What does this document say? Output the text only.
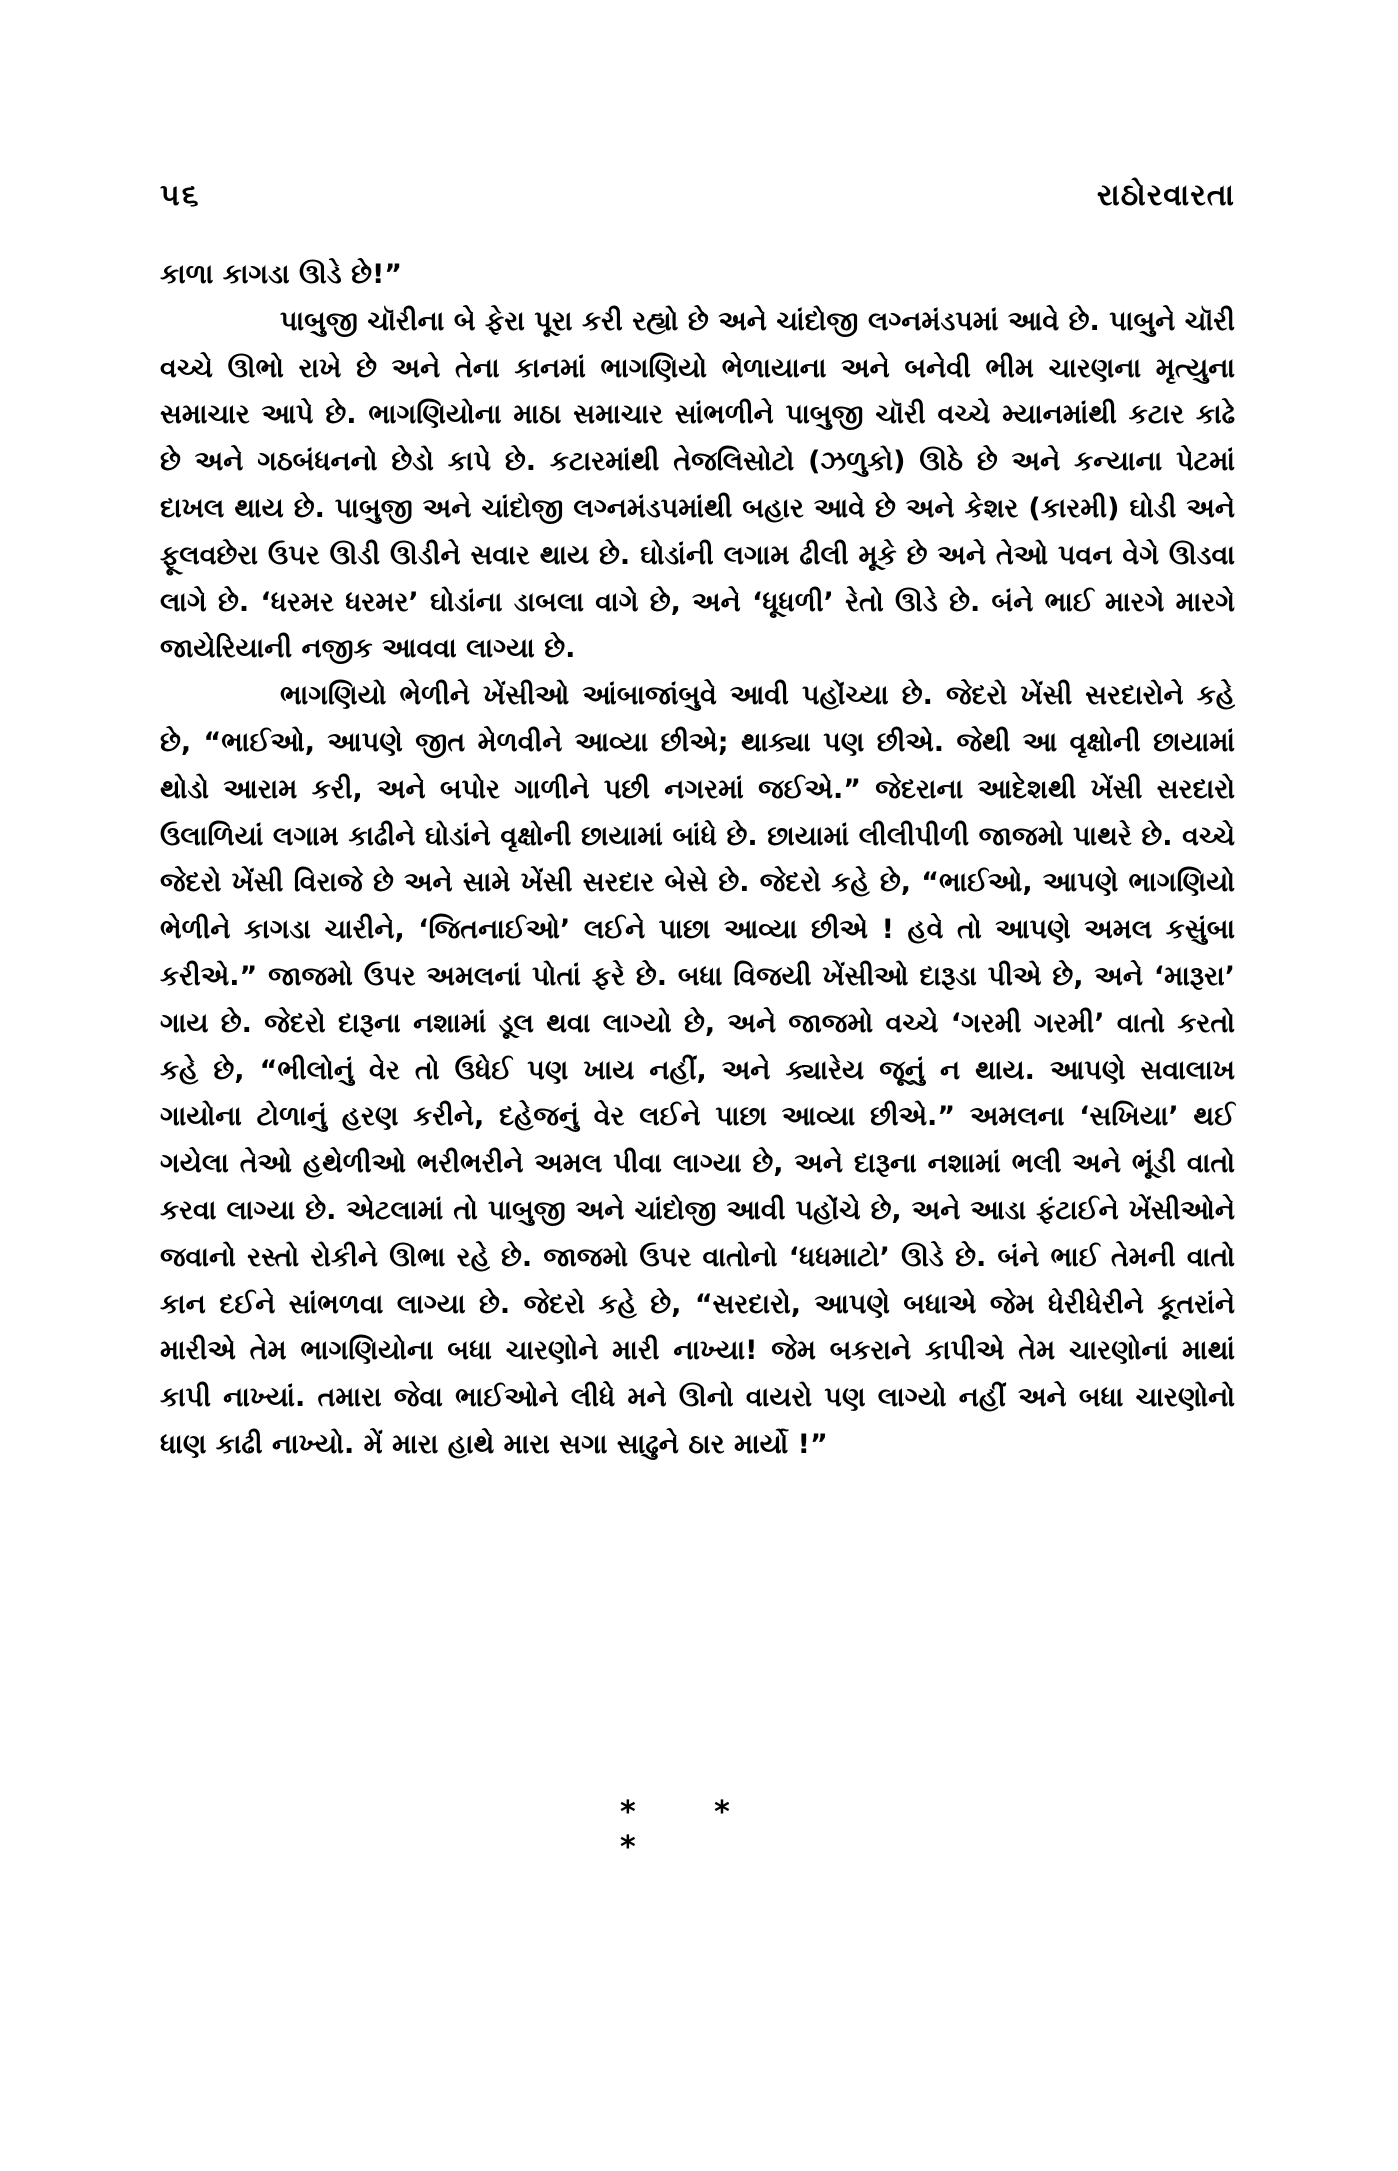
૫૬	રાઠોરવારતા

કાળા કાગડા ઊડે છે!”

પાબુજી ચૉરીના બે ફેરા પૂરા કરી રહ્યો છે અને ચાંદોજી લગ્નમંડપમાં આવે છે. પાબુને ચૉરી વચ્ચે ઊભો રાખે છે અને તેના કાનમાં ભાગણિયો ભેળાયાના અને બનેવી ભીમ ચારણના મૃત્યુના સમાચાર આપે છે. ભાગણિયોના માઠા સમાચાર સાંભળીને પાબુજી ચૉરી વચ્ચે મ્યાનમાંથી કટાર કાઢે છે અને ગઠબંધનનો છેડો કાપે છે. કટારમાંથી તેજલિસોટો (ઝળુકો) ઊઠે છે અને કન્યાના પેટમાં દાખલ થાય છે. પાબુજી અને ચાંદોજી લગ્નમંડપમાંથી બહાર આવે છે અને કેશર (કારમી) ઘોડી અને ફૂલવછેરા ઉપર ઊડી ઊડીને સવાર થાય છે. ઘોડાંની લગામ ઢીલી મૂકે છે અને તેઓ પવન વેગે ઊડવા લાગે છે. ‘ધરમર ધરમર’ ઘોડાંના ડાબલા વાગે છે, અને ‘ધૂધળી’ રેતો ઊડે છે. બંને ભાઈ મારગે મારગે જાયેરિયાની નજીક આવવા લાગ્યા છે.

ભાગણિયો ભેળીને ખેંસીઓ આંબાજાંબુવે આવી પહોંચ્યા છે. જેદરો ખેંસી સરદારોને કહે છે, “ભાઈઓ, આપણે જીત મેળવીને આવ્યા છીએ; થાક્યા પણ છીએ. જેથી આ વૃક્ષોની છાયામાં થોડો આરામ કરી, અને બપોર ગાળીને પછી નગરમાં જઈએ.” જેદરાના આદેશથી ખેંસી સરદારો ઉલાળિયાં લગામ કાઢીને ઘોડાંને વૃક્ષોની છાયામાં બાંધે છે. છાયામાં લીલીપીળી જાજમો પાથરે છે. વચ્ચે જેદરો ખેંસી વિરાજે છે અને સામે ખેંસી સરદાર બેસે છે. જેદરો કહે છે, “ભાઈઓ, આપણે ભાગણિયો ભેળીને કાગડા ચારીને, ‘જિતનાઈઓ’ લઈને પાછા આવ્યા છીએ ! હવે તો આપણે અમલ કસુંબા કરીએ.” જાજમો ઉપર અમલનાં પોતાં ફરે છે. બધા વિજયી ખેંસીઓ દારૂડા પીએ છે, અને ‘મારૂરા’ ગાય છે. જેદરો દારૂના નશામાં ડૂલ થવા લાગ્યો છે, અને જાજમો વચ્ચે ‘ગરમી ગરમી’ વાતો કરતો કહે છે, “ભીલોનું વેર તો ઉધેઈ પણ ખાય નહીં, અને ક્યારેય જૂનું ન થાય. આપણે સવાલાખ ગાયોના ટોળાનું હરણ કરીને, દહેજનું વેર લઈને પાછા આવ્યા છીએ.” અમલના ‘સખિયા’ થઈ ગયેલા તેઓ હથેળીઓ ભરીભરીને અમલ પીવા લાગ્યા છે, અને દારૂના નશામાં ભલી અને ભૂંડી વાતો કરવા લાગ્યા છે. એટલામાં તો પાબુજી અને ચાંદોજી આવી પહોંચે છે, અને આડા ફંટાઈને ખેંસીઓને જવાનો રસ્તો રોકીને ઊભા રહે છે. જાજમો ઉપર વાતોનો ‘ધધમાટો’ ઊડે છે. બંને ભાઈ તેમની વાતો કાન દઈને સાંભળવા લાગ્યા છે. જેદરો કહે છે, “સરદારો, આપણે બધાએ જેમ ધેરીધેરીને કૂતરાંને મારીએ તેમ ભાગણિયોના બધા ચારણોને મારી નાખ્યા! જેમ બકરાને કાપીએ તેમ ચારણોનાં માથાં કાપી નાખ્યાં. તમારા જેવા ભાઈઓને લીધે મને ઊનો વાયરો પણ લાગ્યો નહીં અને બધા ચારણોનો ધાણ કાઢી નાખ્યો. મેં મારા હાથે મારા સગા સાઢુને ઠાર માર્યો !”

* * *
